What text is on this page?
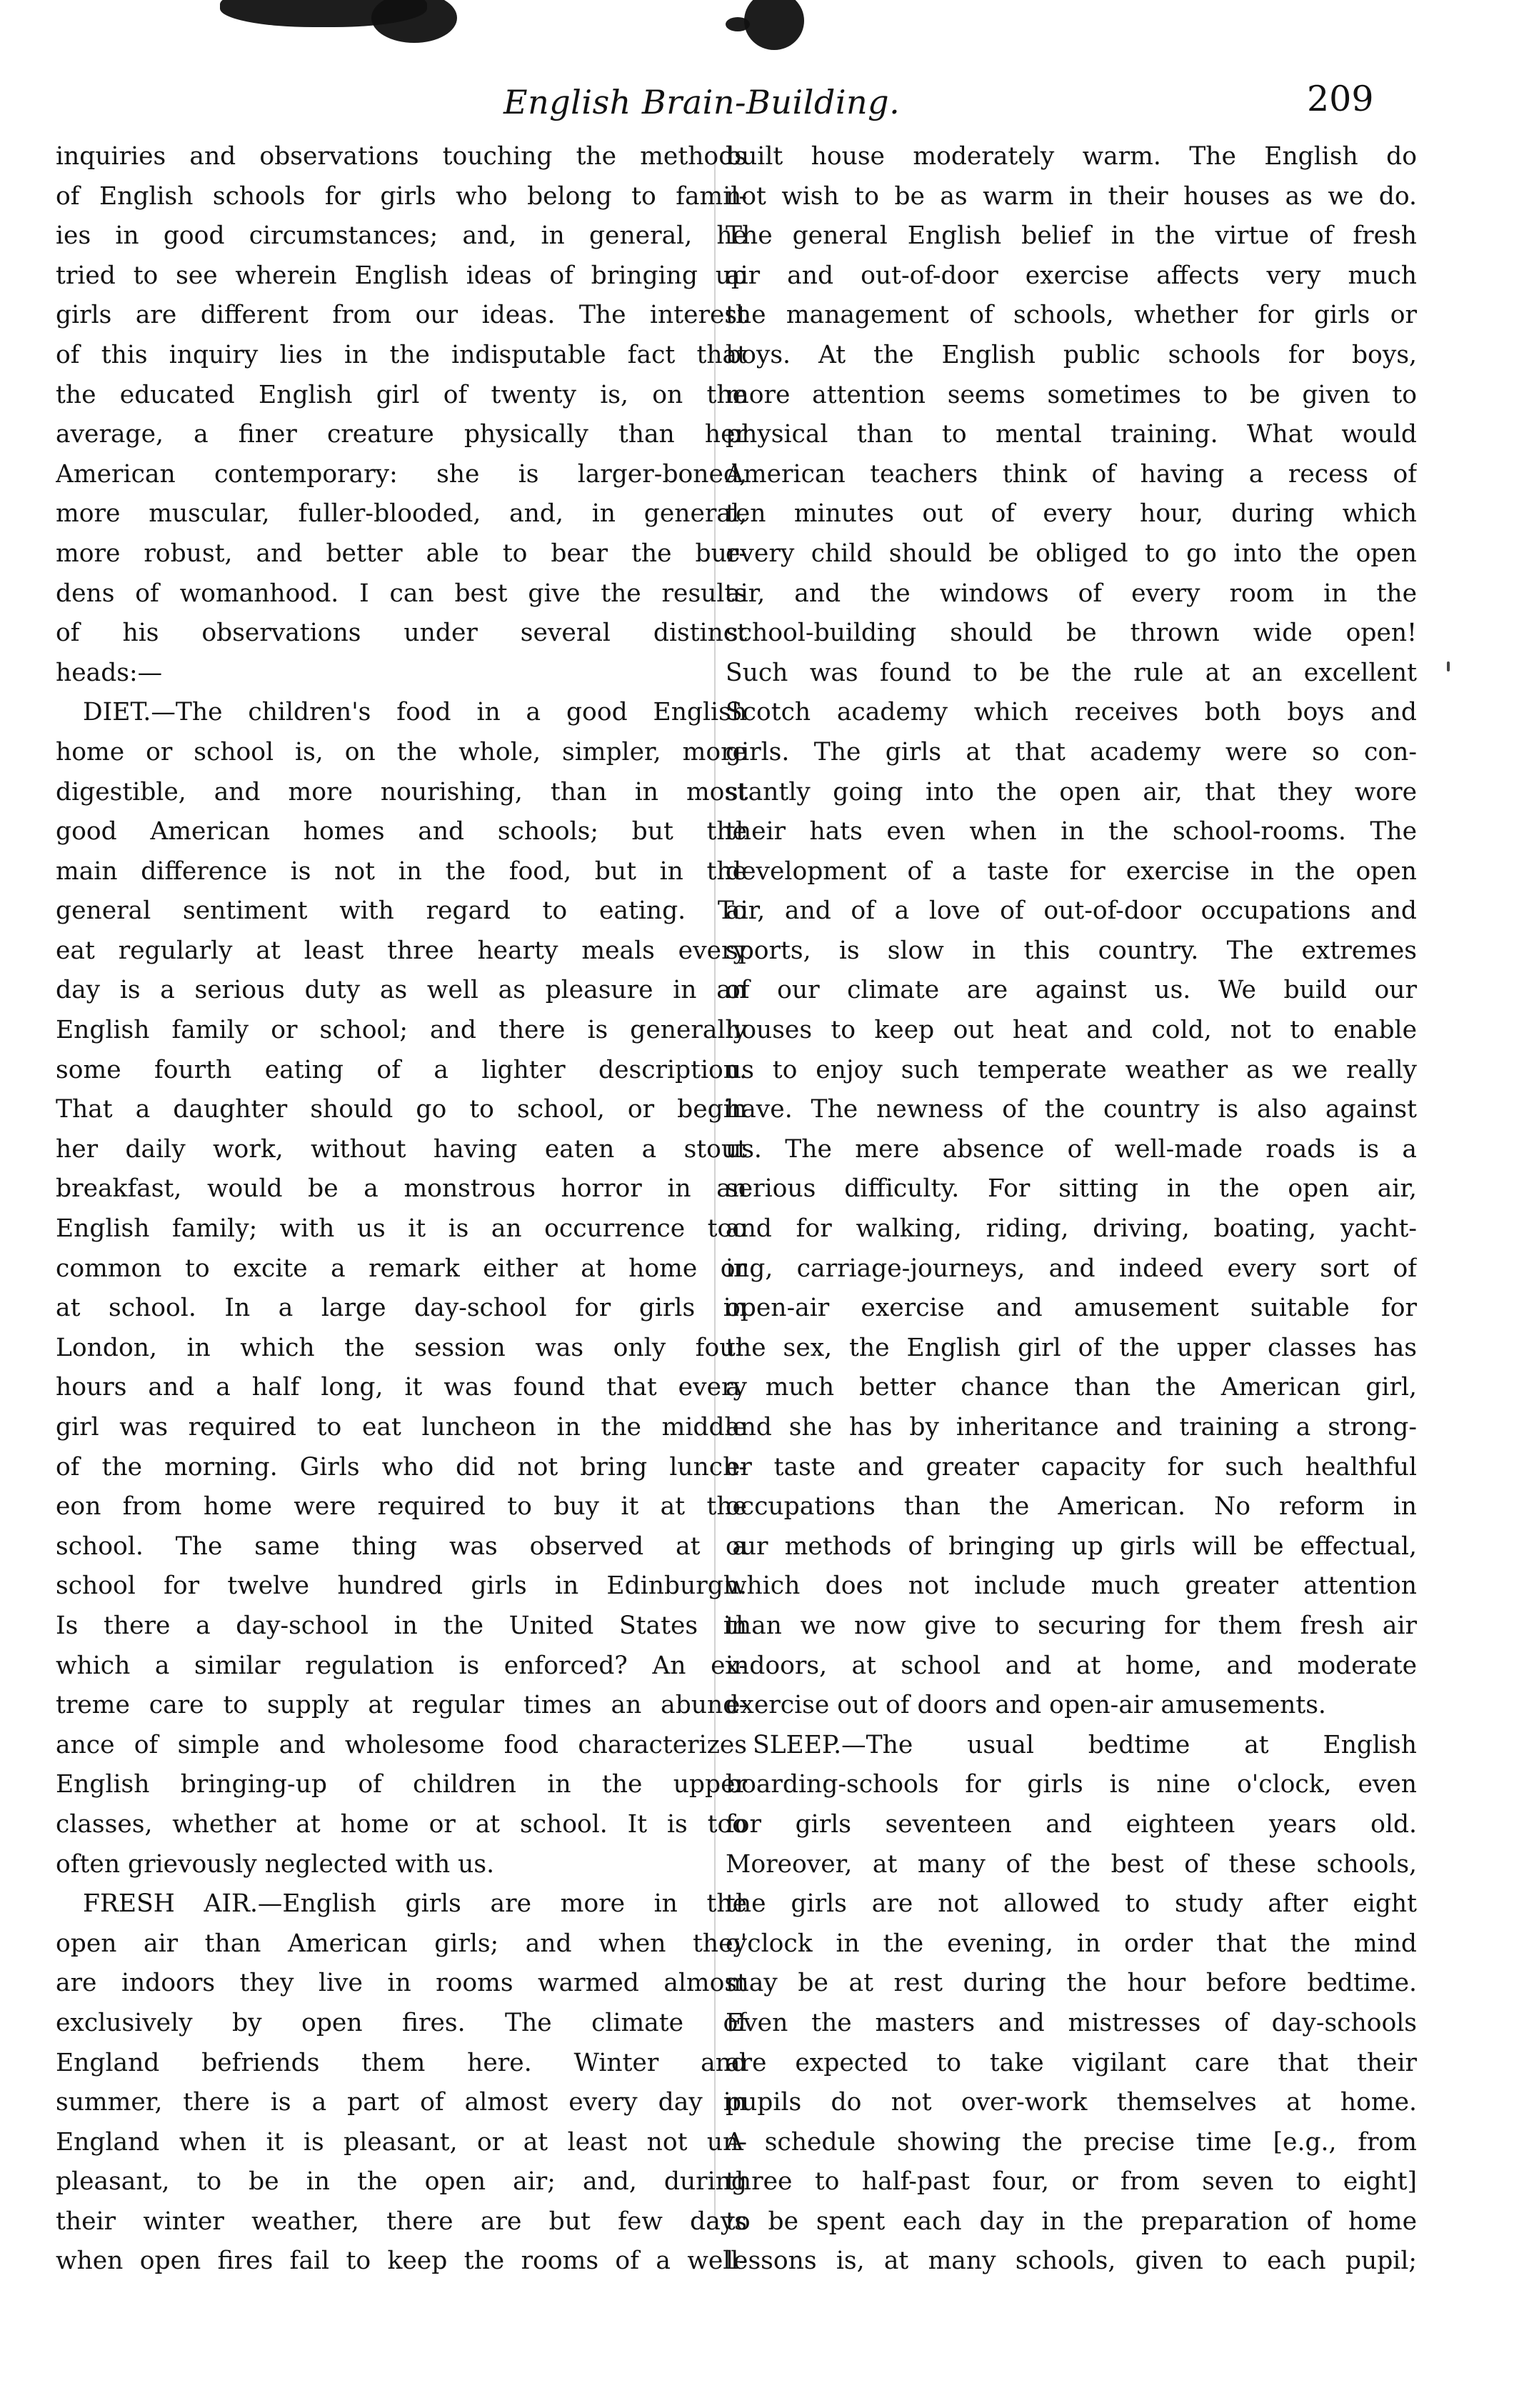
English Brain-Building.	209
inquiries and observations touching the methods
of English schools for girls who belong to famil-
ies in good circumstances; and, in general, he
tried to see wherein English ideas of bringing up
girls are different from our ideas. The interest
of this inquiry lies in the indisputable fact that
the educated English girl of twenty is, on the
average, a finer creature physically than her
American contemporary: she is larger-boned,
more muscular, fuller-blooded, and, in general,
more robust, and better able to bear the bur-
dens of womanhood. I can best give the results
of his observations under several distinct
heads:—
DIET.—The children's food in a good English
home or school is, on the whole, simpler, more
digestible, and more nourishing, than in most
good American homes and schools; but the
main difference is not in the food, but in the
general sentiment with regard to eating. To
eat regularly at least three hearty meals every
day is a serious duty as well as pleasure in an
English family or school; and there is generally
some fourth eating of a lighter description.
That a daughter should go to school, or begin
her daily work, without having eaten a stout
breakfast, would be a monstrous horror in an
English family; with us it is an occurrence too
common to excite a remark either at home or
at school. In a large day-school for girls in
London, in which the session was only four
hours and a half long, it was found that every
girl was required to eat luncheon in the middle
of the morning. Girls who did not bring lunch-
eon from home were required to buy it at the
school. The same thing was observed at a
school for twelve hundred girls in Edinburgh.
Is there a day-school in the United States in
which a similar regulation is enforced? An ex-
treme care to supply at regular times an abund-
ance of simple and wholesome food characterizes
English bringing-up of children in the upper
classes, whether at home or at school. It is too
often grievously neglected with us.
FRESH AIR.—English girls are more in the
open air than American girls; and when they
are indoors they live in rooms warmed almost
exclusively by open fires. The climate of
England befriends them here. Winter and
summer, there is a part of almost every day in
England when it is pleasant, or at least not un-
pleasant, to be in the open air; and, during
their winter weather, there are but few days
when open fires fail to keep the rooms of a well-
built house moderately warm. The English do
not wish to be as warm in their houses as we do.
The general English belief in the virtue of fresh
air and out-of-door exercise affects very much
the management of schools, whether for girls or
boys. At the English public schools for boys,
more attention seems sometimes to be given to
physical than to mental training. What would
American teachers think of having a recess of
ten minutes out of every hour, during which
every child should be obliged to go into the open
air, and the windows of every room in the
school-building should be thrown wide open!
Such was found to be the rule at an excellent
Scotch academy which receives both boys and
girls. The girls at that academy were so con-
stantly going into the open air, that they wore
their hats even when in the school-rooms. The
development of a taste for exercise in the open
air, and of a love of out-of-door occupations and
sports, is slow in this country. The extremes
of our climate are against us. We build our
houses to keep out heat and cold, not to enable
us to enjoy such temperate weather as we really
have. The newness of the country is also against
us. The mere absence of well-made roads is a
serious difficulty. For sitting in the open air,
and for walking, riding, driving, boating, yacht-
ing, carriage-journeys, and indeed every sort of
open-air exercise and amusement suitable for
the sex, the English girl of the upper classes has
a much better chance than the American girl,
and she has by inheritance and training a strong-
er taste and greater capacity for such healthful
occupations than the American. No reform in
our methods of bringing up girls will be effectual,
which does not include much greater attention
than we now give to securing for them fresh air
indoors, at school and at home, and moderate
exercise out of doors and open-air amusements.
SLEEP.—The usual bedtime at English
boarding-schools for girls is nine o'clock, even
for girls seventeen and eighteen years old.
Moreover, at many of the best of these schools,
the girls are not allowed to study after eight
o'clock in the evening, in order that the mind
may be at rest during the hour before bedtime.
Even the masters and mistresses of day-schools
are expected to take vigilant care that their
pupils do not over-work themselves at home.
A schedule showing the precise time [e.g., from
three to half-past four, or from seven to eight]
to be spent each day in the preparation of home
lessons is, at many schools, given to each pupil;
